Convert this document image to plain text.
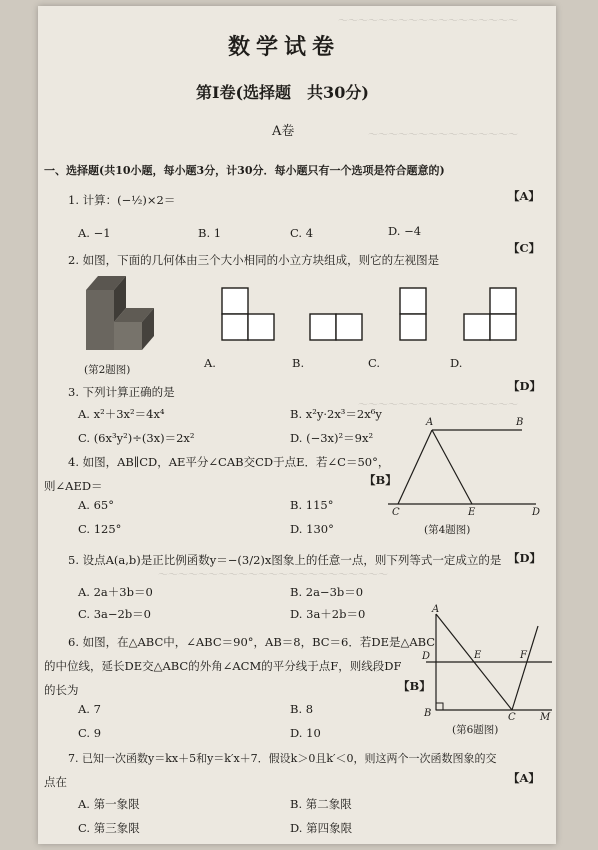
～～～～～～～～～～～～～～～～～～
～～～～～～～～～～～～～～～
～～～～～～～～～～～～～～～～
～～～～～～～～～～～～～～～～～～～～～～～
数学试卷
第Ⅰ卷(选择题　共30分)
A卷
一、选择题(共10小题，每小题3分，计30分．每小题只有一个选项是符合题意的)
1. 计算：(−½)×2＝	【A】
A. −1	B. 1	C. 4	D. −4
2. 如图，下面的几何体由三个大小相同的小立方块组成，则它的左视图是
【C】
(第2题图)	A.	B.	C.	D.
3. 下列计算正确的是	【D】
A. x²＋3x²＝4x⁴	B. x²y·2x³＝2x⁶y
C. (6x³y²)÷(3x)＝2x²	D. (−3x)²＝9x²
4. 如图，AB∥CD，AE平分∠CAB交CD于点E．若∠C＝50°，
则∠AED＝	【B】
A. 65°	B. 115°
C. 125°	D. 130°
A	B
C	E	D
(第4题图)
5. 设点A(a,b)是正比例函数y＝−(3/2)x图象上的任意一点，则下列等式一定成立的是 【D】
A. 2a＋3b＝0	B. 2a−3b＝0
C. 3a−2b＝0	D. 3a＋2b＝0
6. 如图，在△ABC中，∠ABC＝90°，AB＝8，BC＝6．若DE是△ABC
的中位线，延长DE交△ABC的外角∠ACM的平分线于点F，则线段DF
的长为	【B】
A. 7	B. 8
C. 9	D. 10
A
D	E	F
B	C M
(第6题图)
7. 已知一次函数y＝kx＋5和y＝k′x＋7．假设k＞0且k′＜0，则这两个一次函数图象的交
点在	【A】
A. 第一象限	B. 第二象限
C. 第三象限	D. 第四象限
